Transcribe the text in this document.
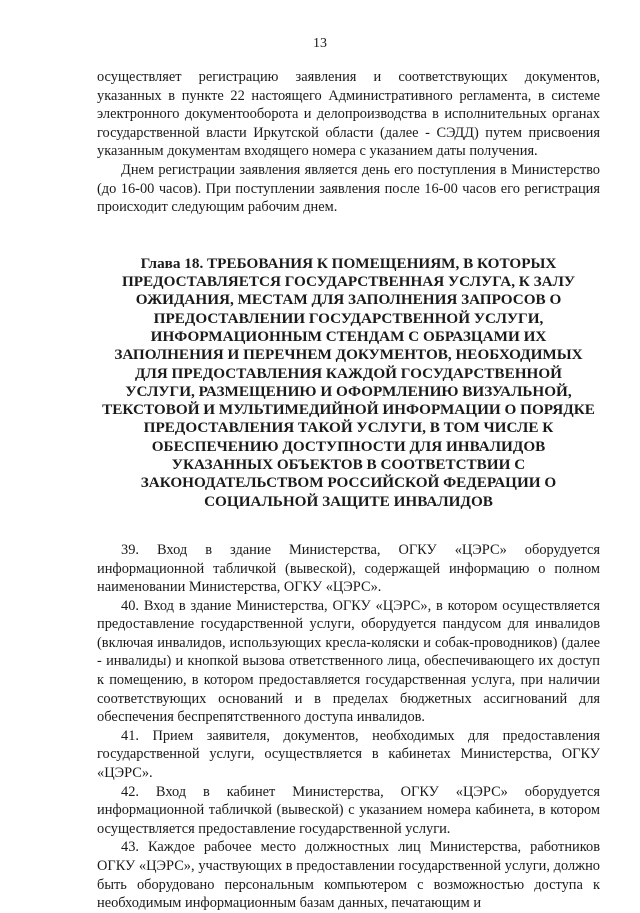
13

осуществляет регистрацию заявления и соответствующих документов, указанных в пункте 22 настоящего Административного регламента, в системе электронного документооборота и делопроизводства в исполнительных органах государственной власти Иркутской области (далее - СЭДД) путем присвоения указанным документам входящего номера с указанием даты получения.

Днем регистрации заявления является день его поступления в Министерство (до 16-00 часов). При поступлении заявления после 16-00 часов его регистрация происходит следующим рабочим днем.

Глава 18. ТРЕБОВАНИЯ К ПОМЕЩЕНИЯМ, В КОТОРЫХ ПРЕДОСТАВЛЯЕТСЯ ГОСУДАРСТВЕННАЯ УСЛУГА, К ЗАЛУ ОЖИДАНИЯ, МЕСТАМ ДЛЯ ЗАПОЛНЕНИЯ ЗАПРОСОВ О ПРЕДОСТАВЛЕНИИ ГОСУДАРСТВЕННОЙ УСЛУГИ, ИНФОРМАЦИОННЫМ СТЕНДАМ С ОБРАЗЦАМИ ИХ ЗАПОЛНЕНИЯ И ПЕРЕЧНЕМ ДОКУМЕНТОВ, НЕОБХОДИМЫХ ДЛЯ ПРЕДОСТАВЛЕНИЯ КАЖДОЙ ГОСУДАРСТВЕННОЙ УСЛУГИ, РАЗМЕЩЕНИЮ И ОФОРМЛЕНИЮ ВИЗУАЛЬНОЙ, ТЕКСТОВОЙ И МУЛЬТИМЕДИЙНОЙ ИНФОРМАЦИИ О ПОРЯДКЕ ПРЕДОСТАВЛЕНИЯ ТАКОЙ УСЛУГИ, В ТОМ ЧИСЛЕ К ОБЕСПЕЧЕНИЮ ДОСТУПНОСТИ ДЛЯ ИНВАЛИДОВ УКАЗАННЫХ ОБЪЕКТОВ В СООТВЕТСТВИИ С ЗАКОНОДАТЕЛЬСТВОМ РОССИЙСКОЙ ФЕДЕРАЦИИ О СОЦИАЛЬНОЙ ЗАЩИТЕ ИНВАЛИДОВ

39. Вход в здание Министерства, ОГКУ «ЦЭРС» оборудуется информационной табличкой (вывеской), содержащей информацию о полном наименовании Министерства, ОГКУ «ЦЭРС».

40. Вход в здание Министерства, ОГКУ «ЦЭРС», в котором осуществляется предоставление государственной услуги, оборудуется пандусом для инвалидов (включая инвалидов, использующих кресла-коляски и собак-проводников) (далее - инвалиды) и кнопкой вызова ответственного лица, обеспечивающего их доступ к помещению, в котором предоставляется государственная услуга, при наличии соответствующих оснований и в пределах бюджетных ассигнований для обеспечения беспрепятственного доступа инвалидов.

41. Прием заявителя, документов, необходимых для предоставления государственной услуги, осуществляется в кабинетах Министерства, ОГКУ «ЦЭРС».

42. Вход в кабинет Министерства, ОГКУ «ЦЭРС» оборудуется информационной табличкой (вывеской) с указанием номера кабинета, в котором осуществляется предоставление государственной услуги.

43. Каждое рабочее место должностных лиц Министерства, работников ОГКУ «ЦЭРС», участвующих в предоставлении государственной услуги, должно быть оборудовано персональным компьютером с возможностью доступа к необходимым информационным базам данных, печатающим и
